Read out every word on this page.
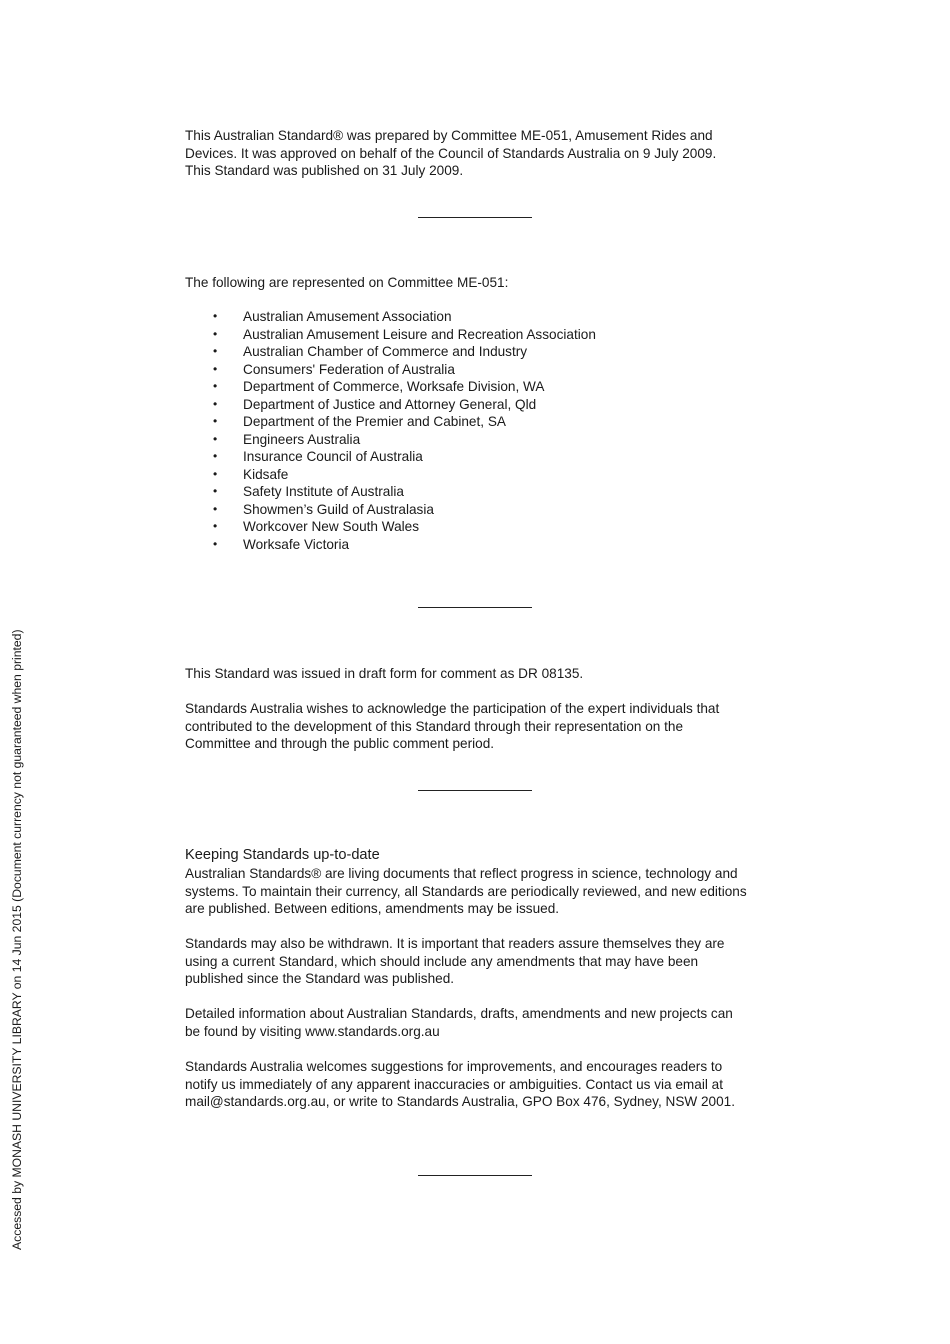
This Australian Standard® was prepared by Committee ME-051, Amusement Rides and
Devices. It was approved on behalf of the Council of Standards Australia on 9 July 2009.
This Standard was published on 31 July 2009.

The following are represented on Committee ME-051:

• Australian Amusement Association
• Australian Amusement Leisure and Recreation Association
• Australian Chamber of Commerce and Industry
• Consumers' Federation of Australia
• Department of Commerce, Worksafe Division, WA
• Department of Justice and Attorney General, Qld
• Department of the Premier and Cabinet, SA
• Engineers Australia
• Insurance Council of Australia
• Kidsafe
• Safety Institute of Australia
• Showmen’s Guild of Australasia
• Workcover New South Wales
• Worksafe Victoria

This Standard was issued in draft form for comment as DR 08135.

Standards Australia wishes to acknowledge the participation of the expert individuals that
contributed to the development of this Standard through their representation on the
Committee and through the public comment period.

Keeping Standards up-to-date

Australian Standards® are living documents that reflect progress in science, technology and
systems. To maintain their currency, all Standards are periodically reviewed, and new editions
are published. Between editions, amendments may be issued.

Standards may also be withdrawn. It is important that readers assure themselves they are
using a current Standard, which should include any amendments that may have been
published since the Standard was published.

Detailed information about Australian Standards, drafts, amendments and new projects can
be found by visiting www.standards.org.au

Standards Australia welcomes suggestions for improvements, and encourages readers to
notify us immediately of any apparent inaccuracies or ambiguities. Contact us via email at
mail@standards.org.au, or write to Standards Australia, GPO Box 476, Sydney, NSW 2001.

Accessed by MONASH UNIVERSITY LIBRARY on 14 Jun 2015 (Document currency not guaranteed when printed)
